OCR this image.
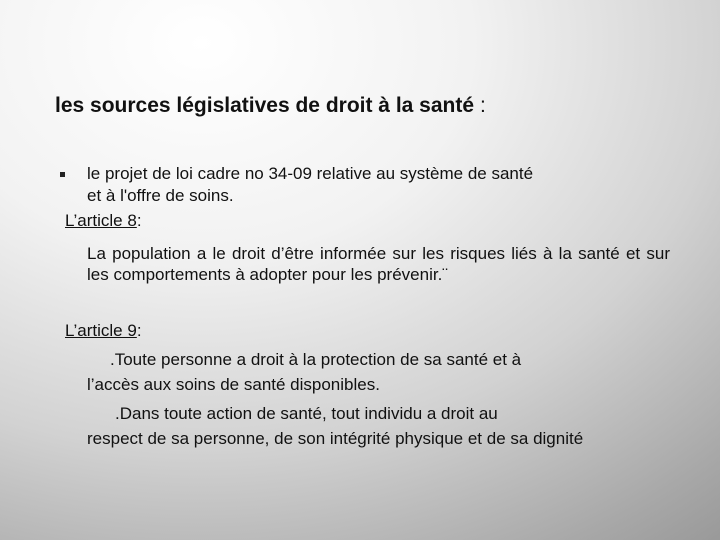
les sources législatives de droit à la santé :
le projet de loi cadre no 34-09 relative au système de santé
et à l'offre de soins.
L’article 8:
La population a le droit d’être informée sur les risques liés à la santé et sur les comportements à adopter pour les prévenir.¨
L’article 9:
.Toute personne a droit à la protection de sa santé et à
l’accès aux soins de santé disponibles.
.Dans toute action de santé, tout individu a droit au
respect de sa personne, de son intégrité physique et de sa dignité
